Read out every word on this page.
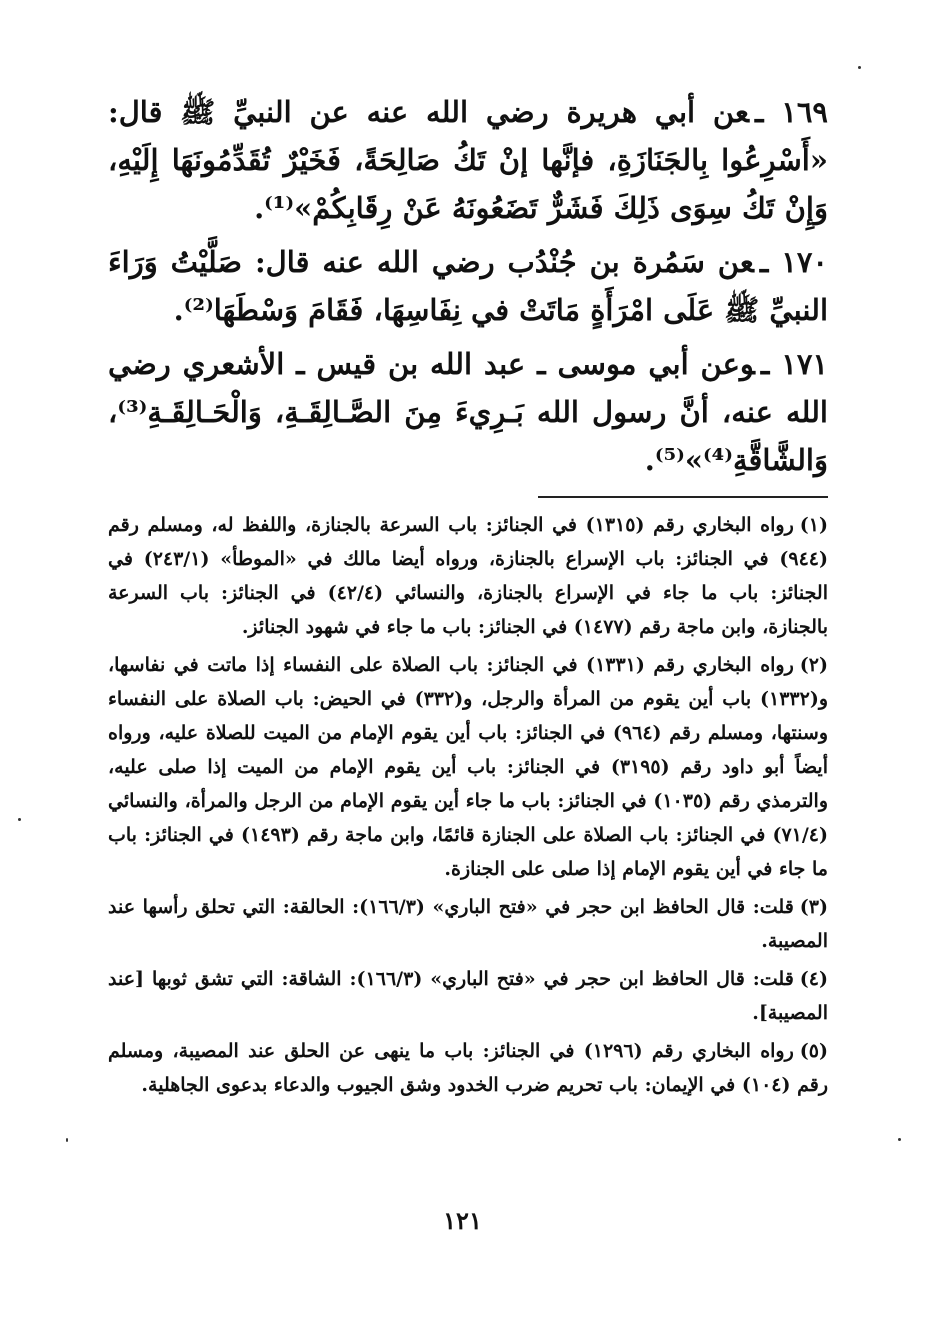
١٦٩ ـعن أبي هريرة رضي الله عنه عن النبيِّ ﷺ قال: «أَسْرِعُوا بِالجَنَازَةِ، فإنَّها إنْ تَكُ صَالِحَةً، فَخَيْرٌ تُقَدِّمُونَهَا إِلَيْهِ، وَإِنْ تَكُ سِوَى ذَلِكَ فَشَرٌّ تَضَعُونَهُ عَنْ رِقَابِكُمْ»⁽¹⁾.

١٧٠ ـعن سَمُرة بن جُنْدُب رضي الله عنه قال: صَلَّيْتُ وَرَاءَ النبيِّ ﷺ عَلَى امْرَأَةٍ مَاتَتْ في نِفَاسِهَا، فَقَامَ وَسْطَهَا⁽²⁾.

١٧١ ـوعن أبي موسى ـ عبد الله بن قيس ـ الأشعري رضي الله عنه، أنَّ رسول الله بَـرِيءَ مِنَ الصَّـالِقَـةِ، وَالْحَـالِقَـةِ⁽³⁾، وَالشَّاقَّةِ⁽⁴⁾»⁽⁵⁾.

(١)رواه البخاري رقم (١٣١٥) في الجنائز: باب السرعة بالجنازة، واللفظ له، ومسلم رقم (٩٤٤) في الجنائز: باب الإسراع بالجنازة، ورواه أيضا مالك في «الموطأ» (٢٤٣/١) في الجنائز: باب ما جاء في الإسراع بالجنازة، والنسائي (٤٢/٤) في الجنائز: باب السرعة بالجنازة، وابن ماجة رقم (١٤٧٧) في الجنائز: باب ما جاء في شهود الجنائز.

(٢)رواه البخاري رقم (١٣٣١) في الجنائز: باب الصلاة على النفساء إذا ماتت في نفاسها، و(١٣٣٢) باب أين يقوم من المرأة والرجل، و(٣٣٢) في الحيض: باب الصلاة على النفساء وسنتها، ومسلم رقم (٩٦٤) في الجنائز: باب أين يقوم الإمام من الميت للصلاة عليه، ورواه أيضاً أبو داود رقم (٣١٩٥) في الجنائز: باب أين يقوم الإمام من الميت إذا صلى عليه، والترمذي رقم (١٠٣٥) في الجنائز: باب ما جاء أين يقوم الإمام من الرجل والمرأة، والنسائي (٧١/٤) في الجنائز: باب الصلاة على الجنازة قائمًا، وابن ماجة رقم (١٤٩٣) في الجنائز: باب ما جاء في أين يقوم الإمام إذا صلى على الجنازة.

(٣)قلت: قال الحافظ ابن حجر في «فتح الباري» (١٦٦/٣): الحالقة: التي تحلق رأسها عند المصيبة.

(٤)قلت: قال الحافظ ابن حجر في «فتح الباري» (١٦٦/٣): الشاقة: التي تشق ثوبها [عند المصيبة].

(٥)رواه البخاري رقم (١٢٩٦) في الجنائز: باب ما ينهى عن الحلق عند المصيبة، ومسلم رقم (١٠٤) في الإيمان: باب تحريم ضرب الخدود وشق الجيوب والدعاء بدعوى الجاهلية.

١٢١
